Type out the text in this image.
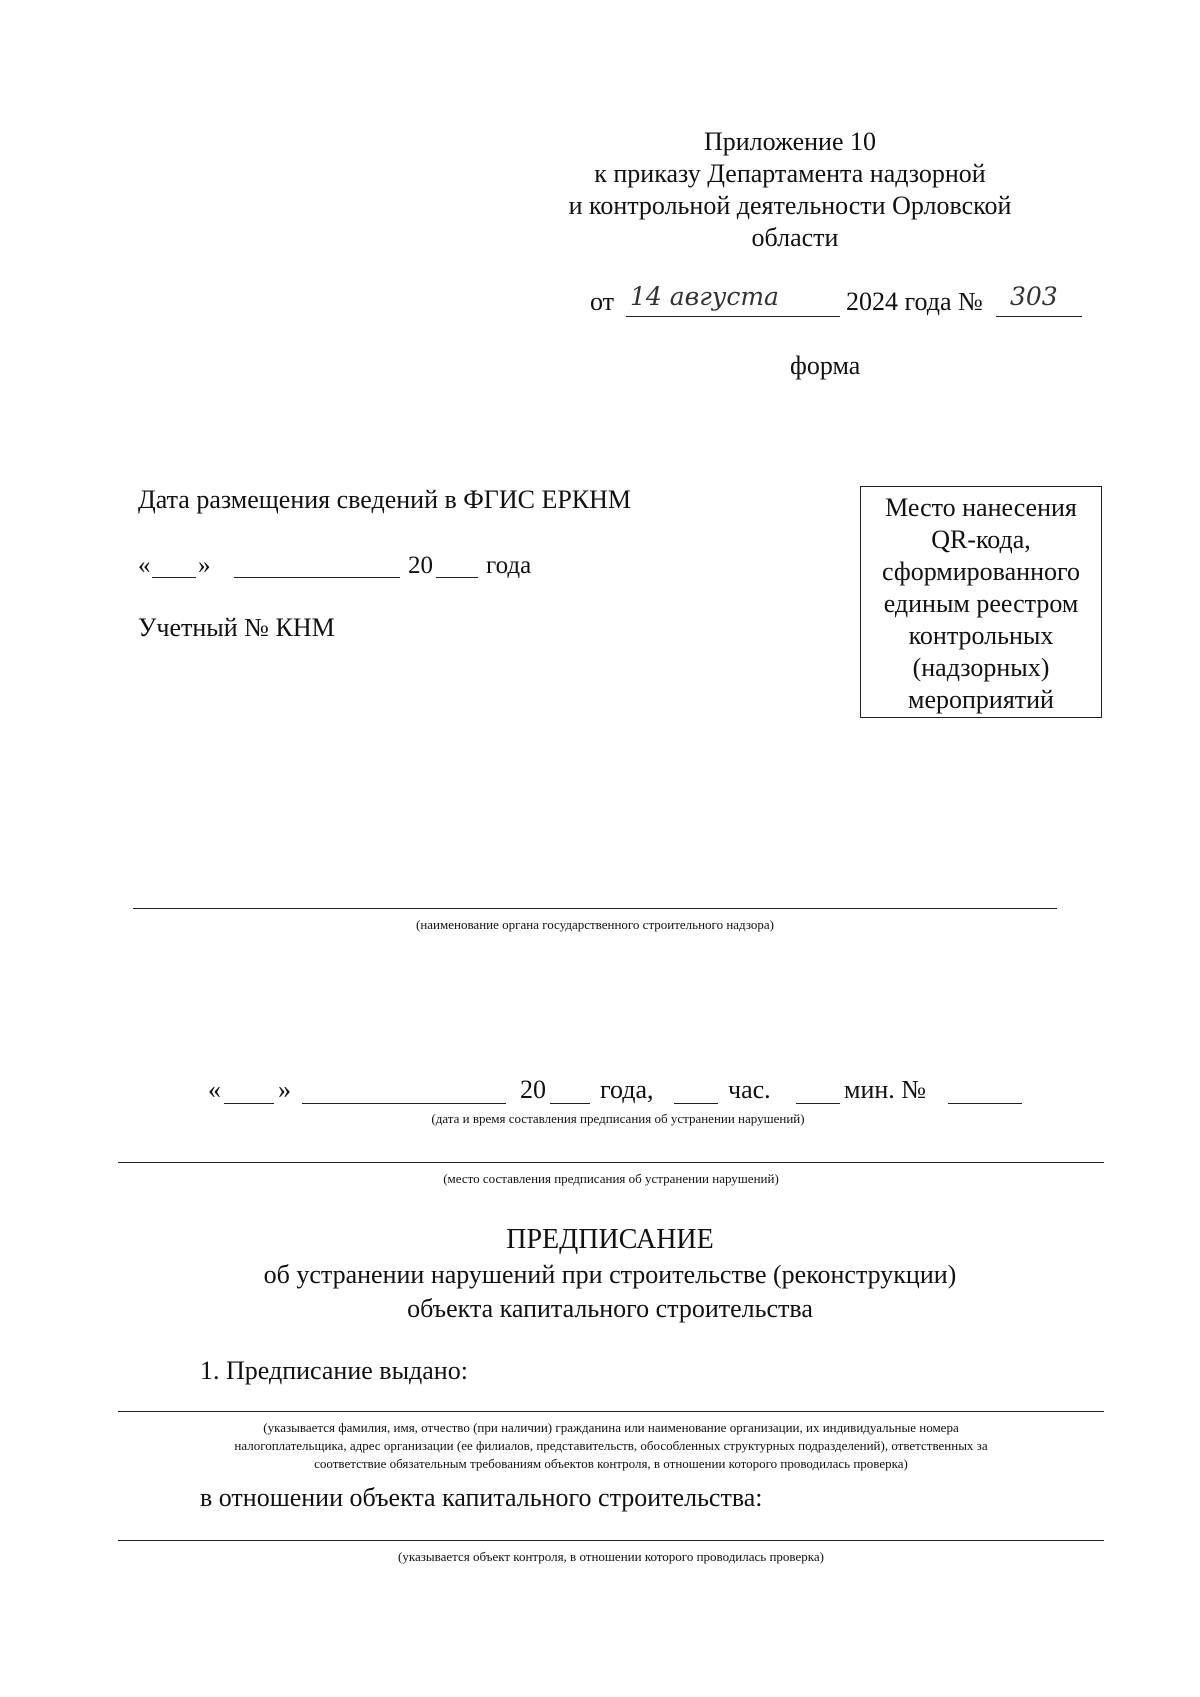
Приложение 10
к приказу Департамента надзорной
и контрольной деятельности Орловской
области
от 14 августа	2024 года № 303
форма
Дата размещения сведений в ФГИС ЕРКНМ
« »	20 года
Учетный № КНМ
Место нанесения
QR-кода,
сформированного
единым реестром
контрольных
(надзорных)
мероприятий
(наименование органа государственного строительного надзора)
« »	20 года,	час.	мин. №
(дата и время составления предписания об устранении нарушений)
(место составления предписания об устранении нарушений)
ПРЕДПИСАНИЕ
об устранении нарушений при строительстве (реконструкции)
объекта капитального строительства
1. Предписание выдано:
(указывается фамилия, имя, отчество (при наличии) гражданина или наименование организации, их индивидуальные номера
налогоплательщика, адрес организации (ее филиалов, представительств, обособленных структурных подразделений), ответственных за
соответствие обязательным требованиям объектов контроля, в отношении которого проводилась проверка)
в отношении объекта капитального строительства:
(указывается объект контроля, в отношении которого проводилась проверка)
